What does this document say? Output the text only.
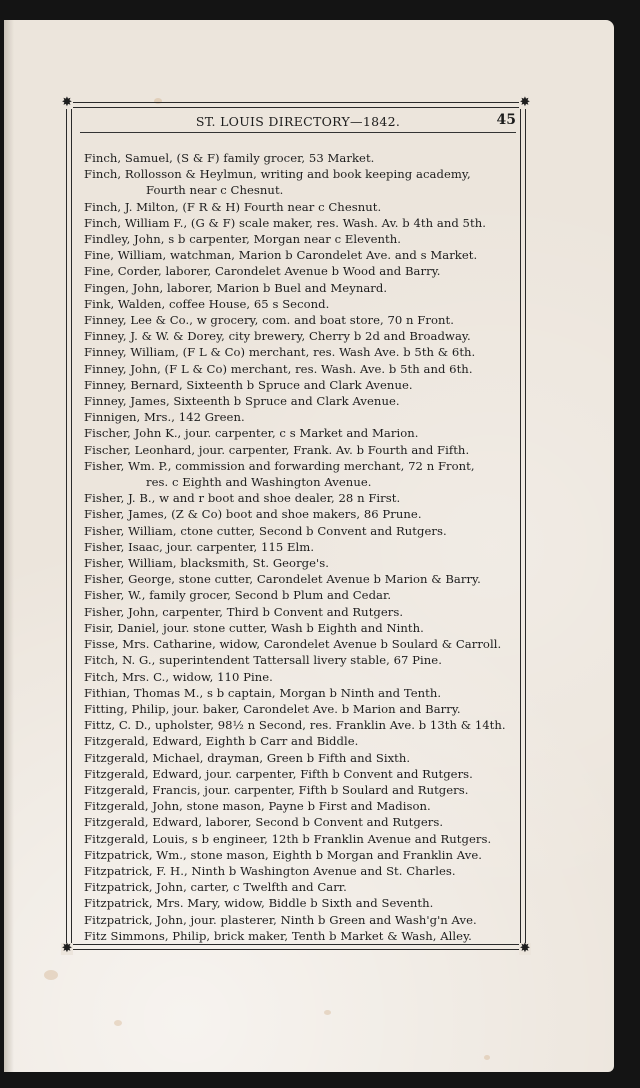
✸	✸
✸	✸
ST. LOUIS DIRECTORY—1842.	45
Finch, Samuel, (S & F) family grocer, 53 Market.
Finch, Rollosson & Heylmun, writing and book keeping academy,
Fourth near c Chesnut.
Finch, J. Milton, (F R & H) Fourth near c Chesnut.
Finch, William F., (G & F) scale maker, res. Wash. Av. b 4th and 5th.
Findley, John, s b carpenter, Morgan near c Eleventh.
Fine, William, watchman, Marion b Carondelet Ave. and s Market.
Fine, Corder, laborer, Carondelet Avenue b Wood and Barry.
Fingen, John, laborer, Marion b Buel and Meynard.
Fink, Walden, coffee House, 65 s Second.
Finney, Lee & Co., w grocery, com. and boat store, 70 n Front.
Finney, J. & W. & Dorey, city brewery, Cherry b 2d and Broadway.
Finney, William, (F L & Co) merchant, res. Wash Ave. b 5th & 6th.
Finney, John, (F L & Co) merchant, res. Wash. Ave. b 5th and 6th.
Finney, Bernard, Sixteenth b Spruce and Clark Avenue.
Finney, James, Sixteenth b Spruce and Clark Avenue.
Finnigen, Mrs., 142 Green.
Fischer, John K., jour. carpenter, c s Market and Marion.
Fischer, Leonhard, jour. carpenter, Frank. Av. b Fourth and Fifth.
Fisher, Wm. P., commission and forwarding merchant, 72 n Front,
res. c Eighth and Washington Avenue.
Fisher, J. B., w and r boot and shoe dealer, 28 n First.
Fisher, James, (Z & Co) boot and shoe makers, 86 Prune.
Fisher, William, ctone cutter, Second b Convent and Rutgers.
Fisher, Isaac, jour. carpenter, 115 Elm.
Fisher, William, blacksmith, St. George's.
Fisher, George, stone cutter, Carondelet Avenue b Marion & Barry.
Fisher, W., family grocer, Second b Plum and Cedar.
Fisher, John, carpenter, Third b Convent and Rutgers.
Fisir, Daniel, jour. stone cutter, Wash b Eighth and Ninth.
Fisse, Mrs. Catharine, widow, Carondelet Avenue b Soulard & Carroll.
Fitch, N. G., superintendent Tattersall livery stable, 67 Pine.
Fitch, Mrs. C., widow, 110 Pine.
Fithian, Thomas M., s b captain, Morgan b Ninth and Tenth.
Fitting, Philip, jour. baker, Carondelet Ave. b Marion and Barry.
Fittz, C. D., upholster, 98½ n Second, res. Franklin Ave. b 13th & 14th.
Fitzgerald, Edward, Eighth b Carr and Biddle.
Fitzgerald, Michael, drayman, Green b Fifth and Sixth.
Fitzgerald, Edward, jour. carpenter, Fifth b Convent and Rutgers.
Fitzgerald, Francis, jour. carpenter, Fifth b Soulard and Rutgers.
Fitzgerald, John, stone mason, Payne b First and Madison.
Fitzgerald, Edward, laborer, Second b Convent and Rutgers.
Fitzgerald, Louis, s b engineer, 12th b Franklin Avenue and Rutgers.
Fitzpatrick, Wm., stone mason, Eighth b Morgan and Franklin Ave.
Fitzpatrick, F. H., Ninth b Washington Avenue and St. Charles.
Fitzpatrick, John, carter, c Twelfth and Carr.
Fitzpatrick, Mrs. Mary, widow, Biddle b Sixth and Seventh.
Fitzpatrick, John, jour. plasterer, Ninth b Green and Wash'g'n Ave.
Fitz Simmons, Philip, brick maker, Tenth b Market & Wash, Alley.
